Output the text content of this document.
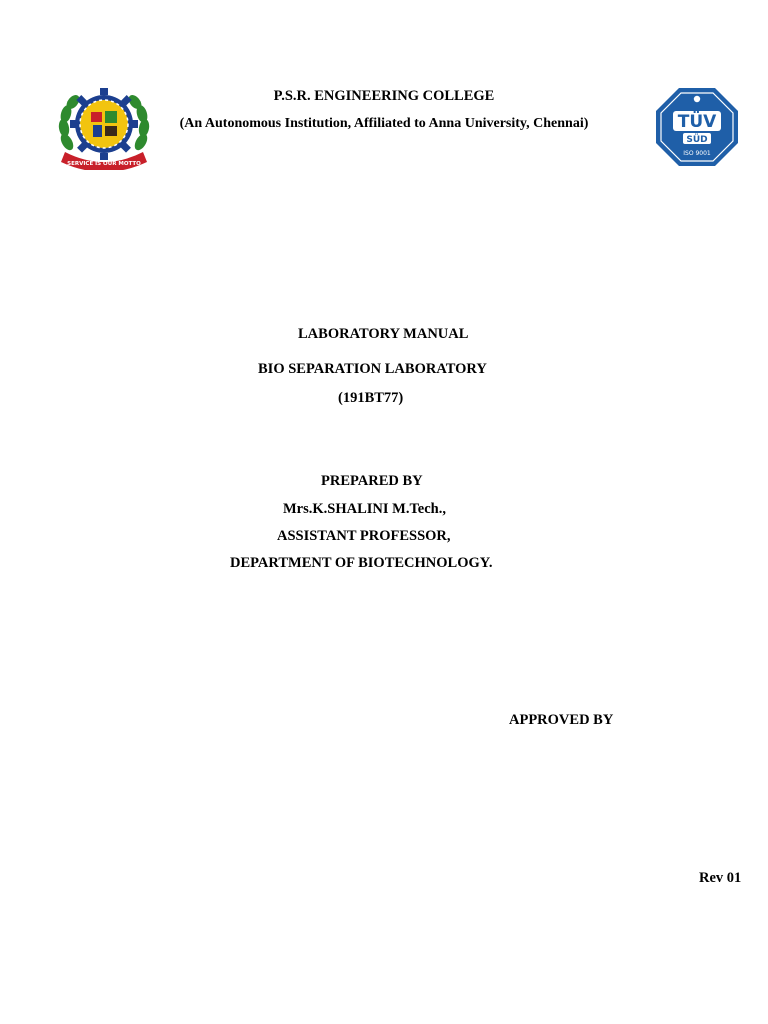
SERVICE IS OUR MOTTO
TÜV
SÜD
ISO 9001
P.S.R. ENGINEERING COLLEGE
(An Autonomous Institution, Affiliated to Anna University, Chennai)
LABORATORY MANUAL
BIO SEPARATION LABORATORY
(191BT77)
PREPARED BY
Mrs.K.SHALINI M.Tech.,
ASSISTANT PROFESSOR,
DEPARTMENT OF BIOTECHNOLOGY.
APPROVED BY
Rev 01
